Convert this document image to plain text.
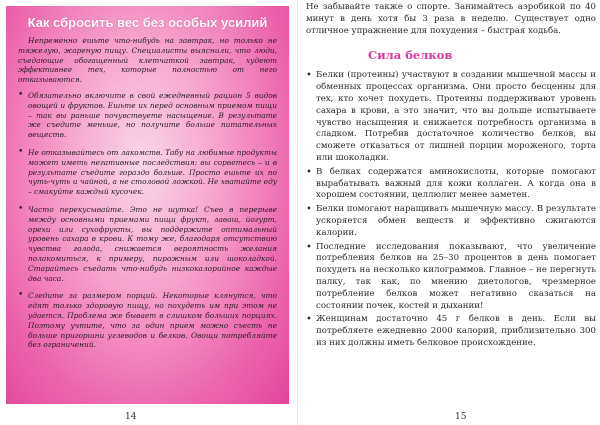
Как сбросить вес без особых усилий

Непременно ешьте что-нибудь на завтрак, но только не тяжелую, жареную пищу. Специалисты выяснили, что люди, съедающие обогащенный клетчаткой завтрак, худеют эффективнее тех, которые полностью от него отказываются.

• Обязательно включите в свой ежедневный рацион 5 видов овощей и фруктов. Ешьте их перед основным приемом пищи – так вы раньше почувствуете насыщение. В результате же съедите меньше, но получите больше питательных веществ.

• Не отказывайтесь от лакомств. Табу на любимые продукты может иметь негативные последствия: вы сорветесь – и в результате съедите гораздо больше. Просто ешьте их по чуть-чуть и чайной, а не столовой ложкой. Не хватайте еду – смакуйте каждый кусочек.

• Часто перекусывайте. Это не шутка! Съев в перерыве между основными приемами пищи фрукт, лаваш, йогурт, орехи или сухофрукты, вы поддержите оптимальный уровень сахара в крови. К тому же, благодаря отсутствию чувства голода, снижается вероятность желания полакомиться, к примеру, пирожным или шоколадкой. Старайтесь съедать что-нибудь низкокалорийное каждые два часа.

• Следите за размером порций. Некоторые клянутся, что едят только здоровую пищу, но похудеть им при этом не удается. Проблема же бывает в слишком больших порциях. Поэтому учтите, что за один прием можно съесть не больше пригоршни углеводов и белков. Овощи потребляйте без ограничений.

14

Не забывайте также о спорте. Занимайтесь аэробикой по 40 минут в день хотя бы 3 раза в неделю. Существует одно отличное упражнение для похудения – быстрая ходьба.

Сила белков
• Белки (протеины) участвуют в создании мышечной массы и обменных процессах организма. Они просто бесценны для тех, кто хочет похудеть. Протеины поддерживают уровень сахара в крови, а это значит, что вы дольше испытываете чувство насыщения и снижается потребность организма в сладком. Потребив достаточное количество белков, вы сможете отказаться от лишней порции мороженого, торта или шоколадки.

• В белках содержатся аминокислоты, которые помогают вырабатывать важный для кожи коллаген. А когда она в хорошем состоянии, целлюлит менее заметен.

• Белки помогают наращивать мышечную массу. В результате ускоряется обмен веществ и эффективно сжигаются калории.

• Последние исследования показывают, что увеличение потребления белков на 25–30 процентов в день помогает похудеть на несколько килограммов. Главное – не перегнуть палку, так как, по мнению диетологов, чрезмерное потребление белков может негативно сказаться на состоянии почек, костей и дыхании!

• Женщинам достаточно 45 г белков в день. Если вы потребляете ежедневно 2000 калорий, приблизительно 300 из них должны иметь белковое происхождение.

15
